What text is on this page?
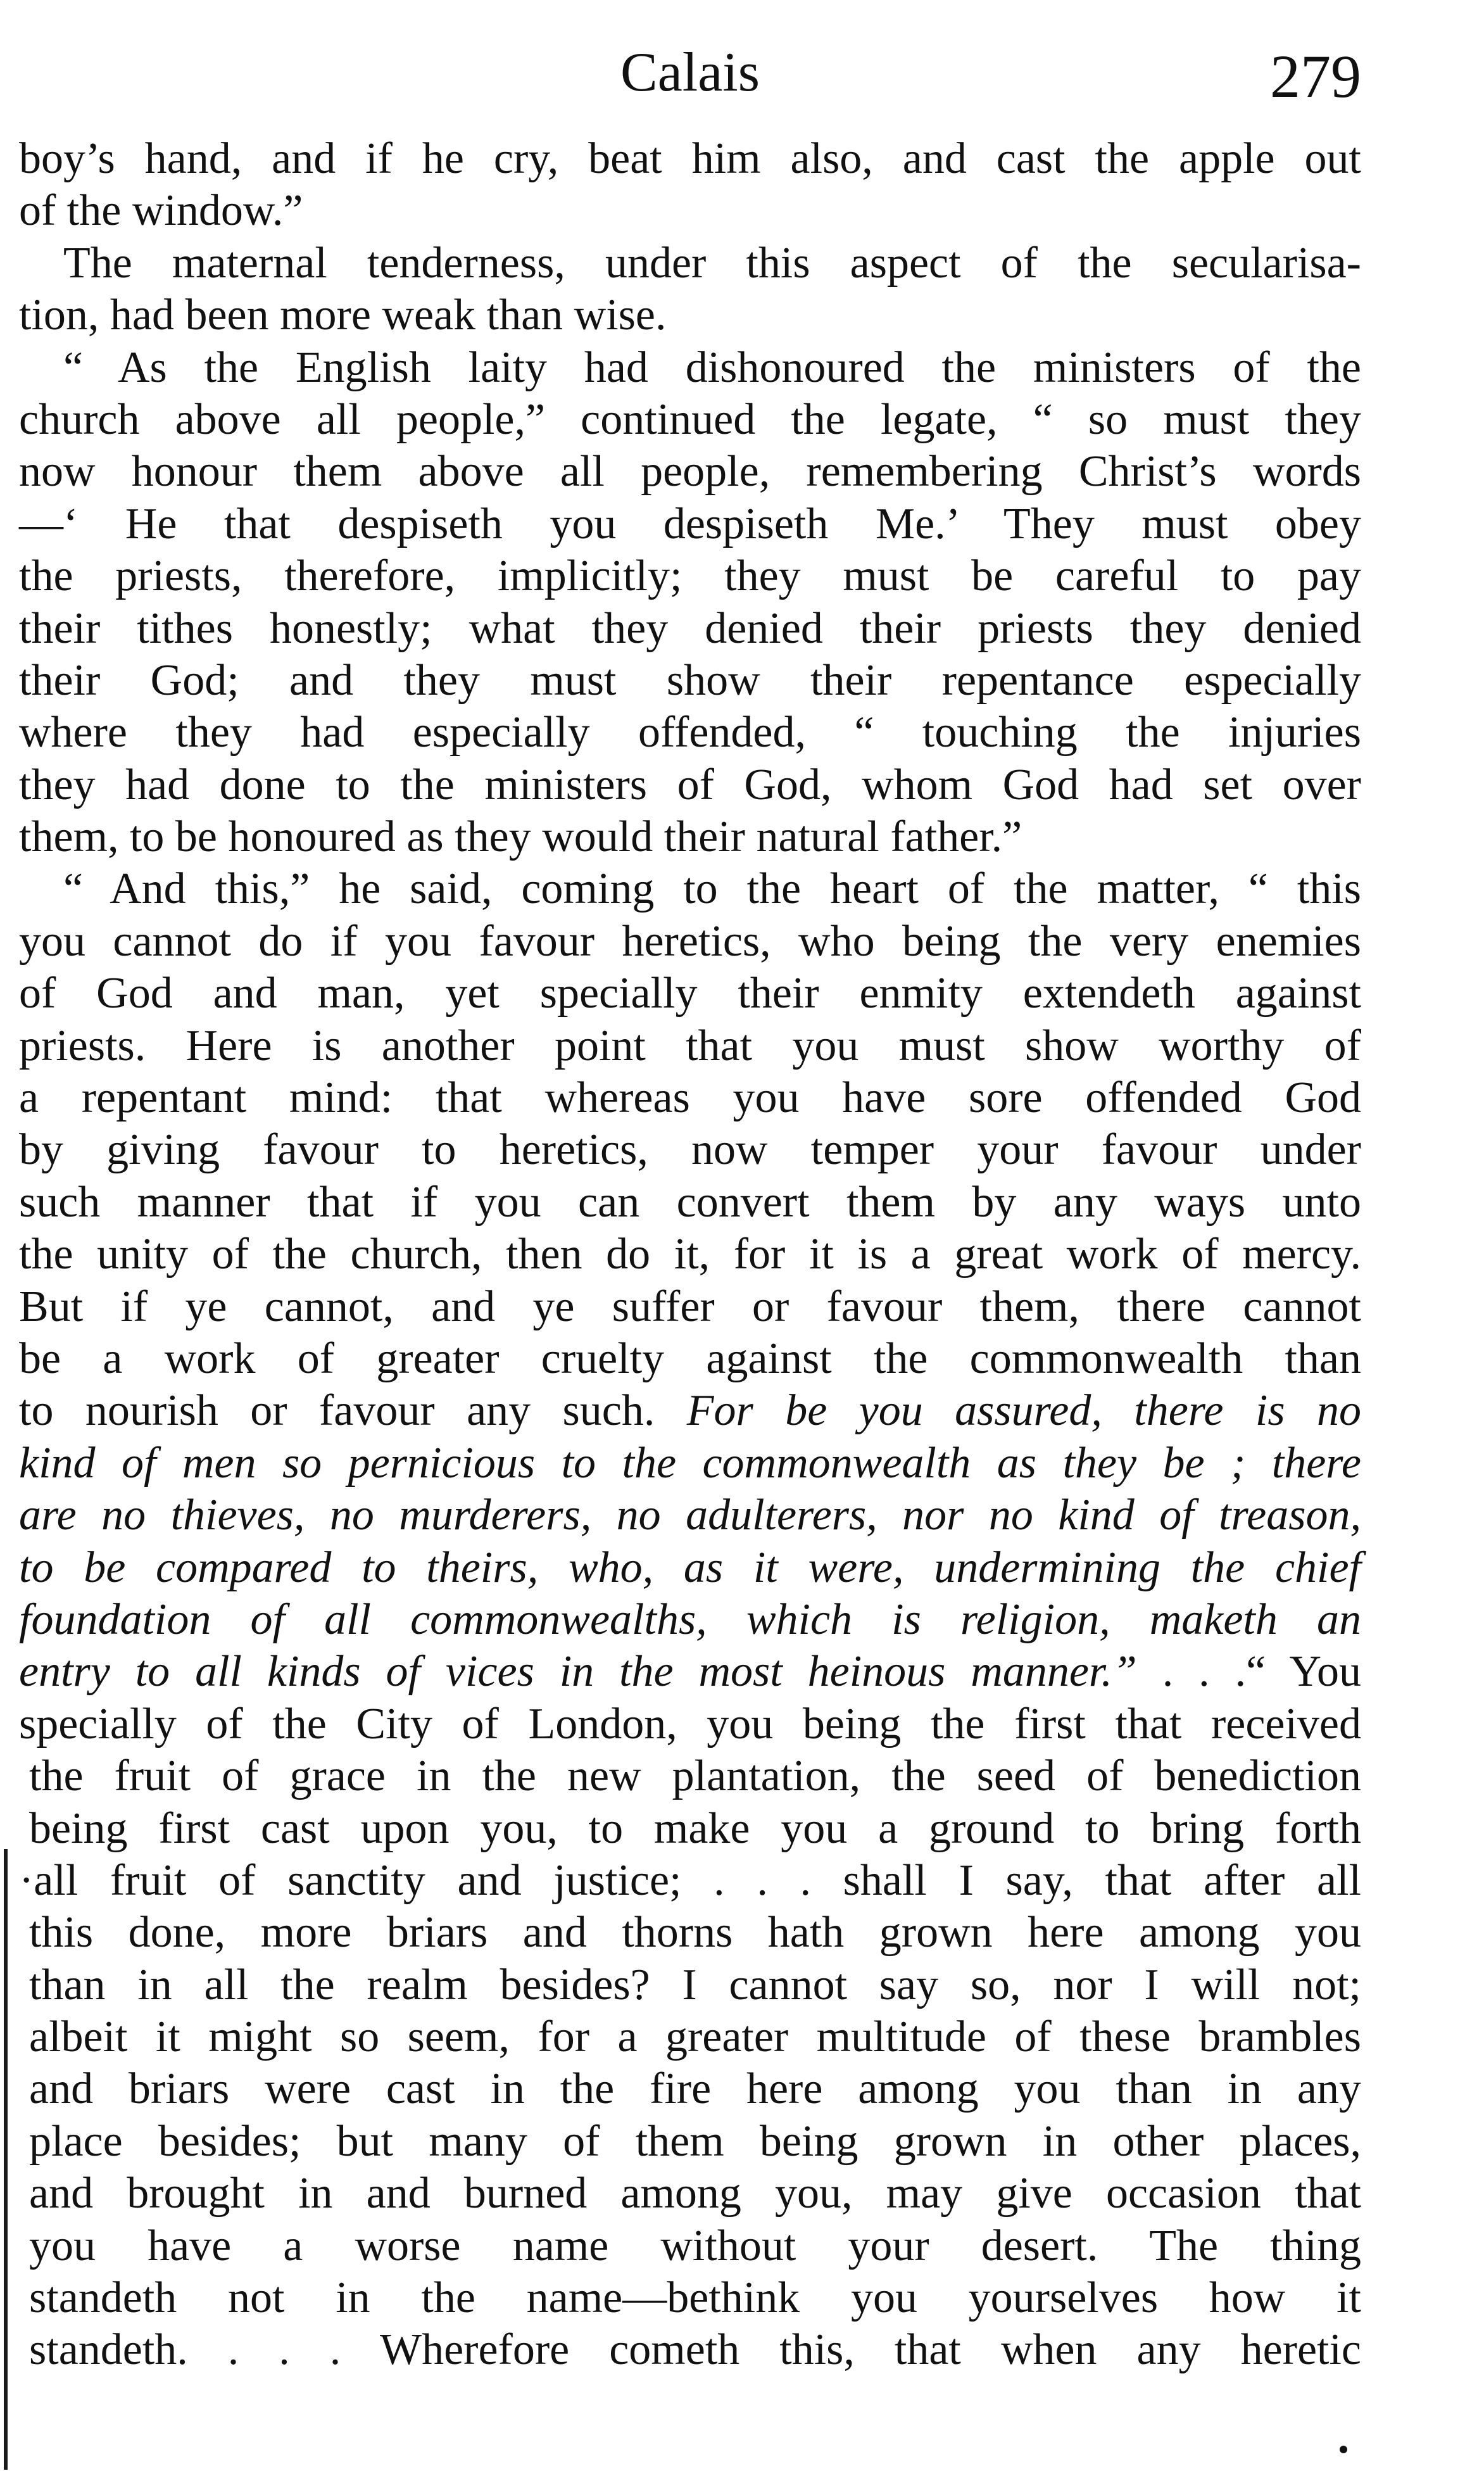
Calais	279
boy’s hand, and if he cry, beat him also, and cast the apple out
of the window.”
The maternal tenderness, under this aspect of the secularisa-
tion, had been more weak than wise.
“ As the English laity had dishonoured the ministers of the
church above all people,” continued the legate, “ so must they
now honour them above all people, remembering Christ’s words
—‘ He that despiseth you despiseth Me.’ They must obey
the priests, therefore, implicitly; they must be careful to pay
their tithes honestly; what they denied their priests they denied
their God; and they must show their repentance especially
where they had especially offended, “ touching the injuries
they had done to the ministers of God, whom God had set over
them, to be honoured as they would their natural father.”
“ And this,” he said, coming to the heart of the matter, “ this
you cannot do if you favour heretics, who being the very enemies
of God and man, yet specially their enmity extendeth against
priests. Here is another point that you must show worthy of
a repentant mind: that whereas you have sore offended God
by giving favour to heretics, now temper your favour under
such manner that if you can convert them by any ways unto
the unity of the church, then do it, for it is a great work of mercy.
But if ye cannot, and ye suffer or favour them, there cannot
be a work of greater cruelty against the commonwealth than
to nourish or favour any such. For be you assured, there is no
kind of men so pernicious to the commonwealth as they be ; there
are no thieves, no murderers, no adulterers, nor no kind of treason,
to be compared to theirs, who, as it were, undermining the chief
foundation of all commonwealths, which is religion, maketh an
entry to all kinds of vices in the most heinous manner.” . . .“ You
specially of the City of London, you being the first that received
the fruit of grace in the new plantation, the seed of benediction
being first cast upon you, to make you a ground to bring forth
·all fruit of sanctity and justice; . . . shall I say, that after all
this done, more briars and thorns hath grown here among you
than in all the realm besides? I cannot say so, nor I will not;
albeit it might so seem, for a greater multitude of these brambles
and briars were cast in the fire here among you than in any
place besides; but many of them being grown in other places,
and brought in and burned among you, may give occasion that
you have a worse name without your desert. The thing
standeth not in the name—bethink you yourselves how it
standeth. . . . Wherefore cometh this, that when any heretic
